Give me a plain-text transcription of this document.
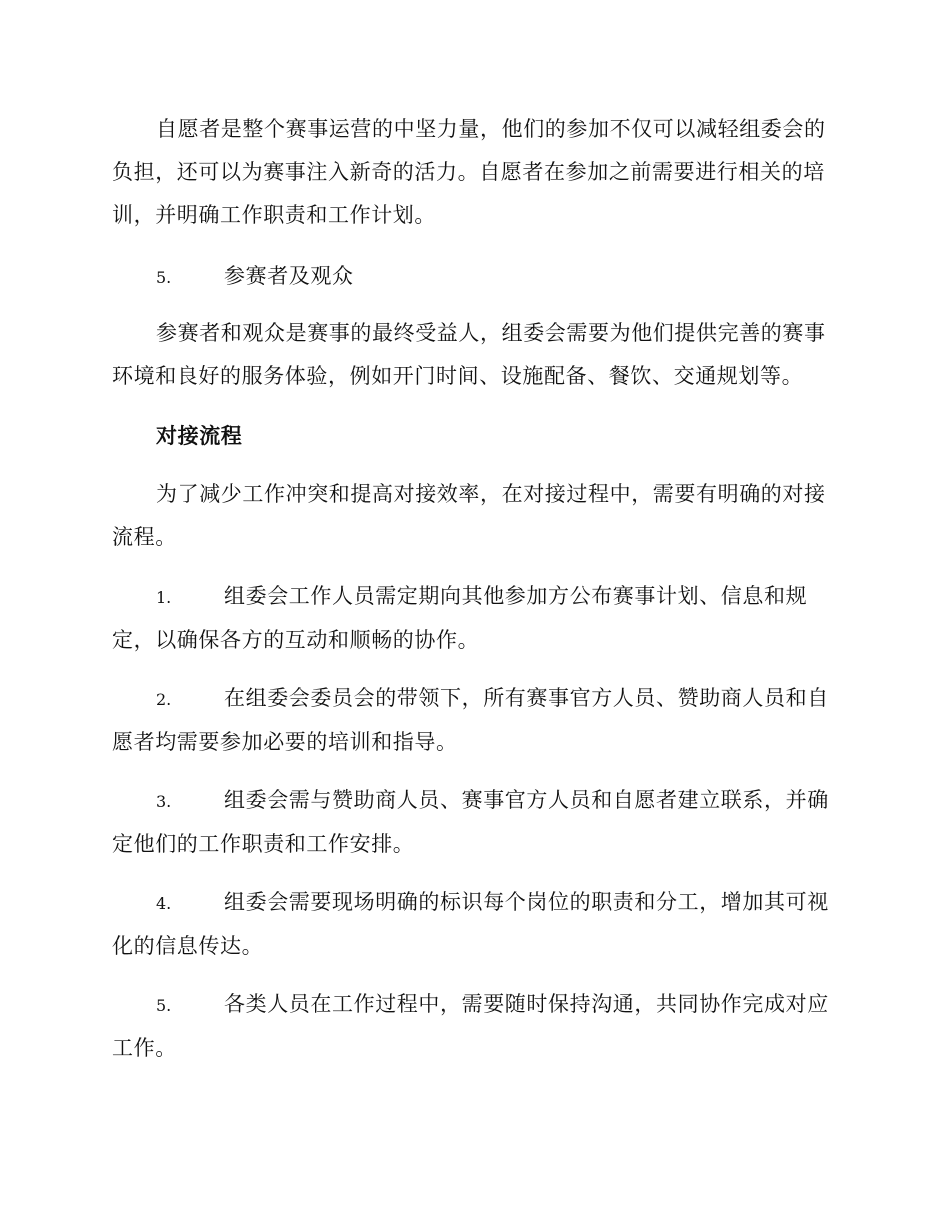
自愿者是整个赛事运营的中坚力量，他们的参加不仅可以减轻组委会的负担，还可以为赛事注入新奇的活力。自愿者在参加之前需要进行相关的培训，并明确工作职责和工作计划。

5.	参赛者及观众

参赛者和观众是赛事的最终受益人，组委会需要为他们提供完善的赛事环境和良好的服务体验，例如开门时间、设施配备、餐饮、交通规划等。

对接流程

为了减少工作冲突和提高对接效率，在对接过程中，需要有明确的对接流程。

1.	组委会工作人员需定期向其他参加方公布赛事计划、信息和规定，以确保各方的互动和顺畅的协作。

2.	在组委会委员会的带领下，所有赛事官方人员、赞助商人员和自愿者均需要参加必要的培训和指导。

3.	组委会需与赞助商人员、赛事官方人员和自愿者建立联系，并确定他们的工作职责和工作安排。

4.	组委会需要现场明确的标识每个岗位的职责和分工，增加其可视化的信息传达。

5.	各类人员在工作过程中，需要随时保持沟通，共同协作完成对应工作。
